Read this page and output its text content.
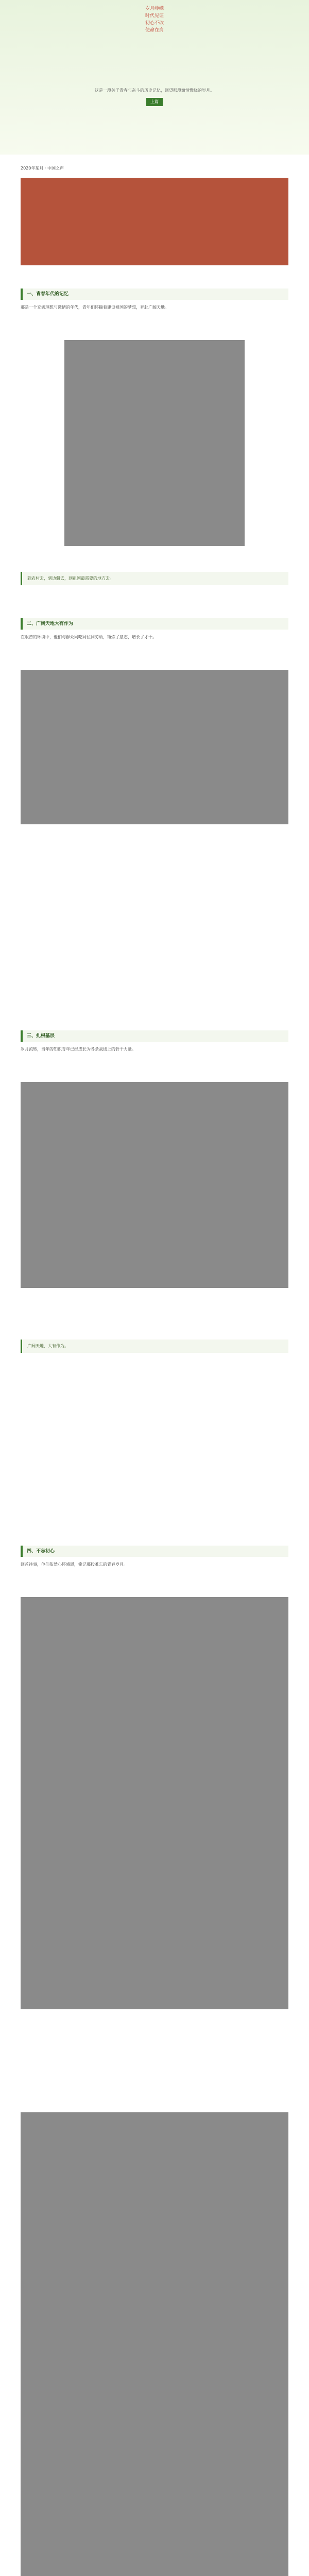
岁月峥嵘
时代见证
初心不改
使命在肩
这是一段关于青春与奋斗的历史记忆，回望那段激情燃烧的岁月。
上篇
2020年某月 · 中国之声
一、青春年代的记忆
那是一个充满理想与激情的年代，青年们怀揣着建设祖国的梦想，奔赴广阔天地。
到农村去，到边疆去，到祖国最需要的地方去。
二、广阔天地大有作为
在艰苦的环境中，他们与群众同吃同住同劳动，锤炼了意志，增长了才干。
三、扎根基层
岁月流转，当年的知识青年已经成长为各条战线上的骨干力量。
广阔天地，大有作为。
四、不忘初心
回首往事，他们依然心怀感恩，铭记那段难忘的青春岁月。
